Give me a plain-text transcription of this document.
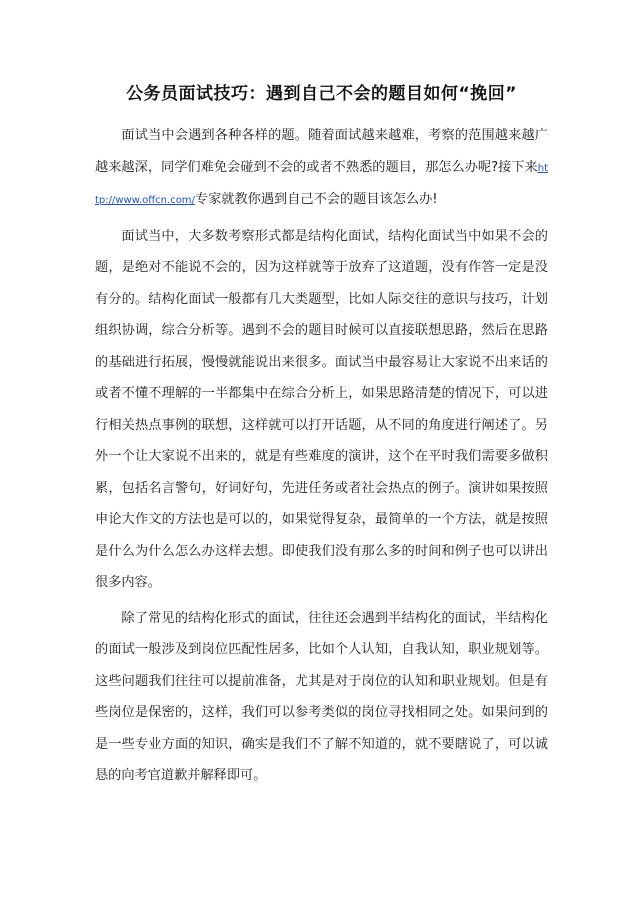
公务员面试技巧：遇到自己不会的题目如何“挽回”

面试当中会遇到各种各样的题。随着面试越来越难，考察的范围越来越广越来越深，同学们难免会碰到不会的或者不熟悉的题目，那怎么办呢?接下来http://www.offcn.com/专家就教你遇到自己不会的题目该怎么办!

面试当中，大多数考察形式都是结构化面试，结构化面试当中如果不会的题，是绝对不能说不会的，因为这样就等于放弃了这道题，没有作答一定是没有分的。结构化面试一般都有几大类题型，比如人际交往的意识与技巧，计划组织协调，综合分析等。遇到不会的题目时候可以直接联想思路，然后在思路的基础进行拓展，慢慢就能说出来很多。面试当中最容易让大家说不出来话的或者不懂不理解的一半都集中在综合分析上，如果思路清楚的情况下，可以进行相关热点事例的联想，这样就可以打开话题，从不同的角度进行阐述了。另外一个让大家说不出来的，就是有些难度的演讲，这个在平时我们需要多做积累，包括名言警句，好词好句，先进任务或者社会热点的例子。演讲如果按照申论大作文的方法也是可以的，如果觉得复杂，最简单的一个方法，就是按照是什么为什么怎么办这样去想。即使我们没有那么多的时间和例子也可以讲出很多内容。

除了常见的结构化形式的面试，往往还会遇到半结构化的面试，半结构化的面试一般涉及到岗位匹配性居多，比如个人认知，自我认知，职业规划等。这些问题我们往往可以提前准备，尤其是对于岗位的认知和职业规划。但是有些岗位是保密的，这样，我们可以参考类似的岗位寻找相同之处。如果问到的是一些专业方面的知识，确实是我们不了解不知道的，就不要瞎说了，可以诚恳的向考官道歉并解释即可。
